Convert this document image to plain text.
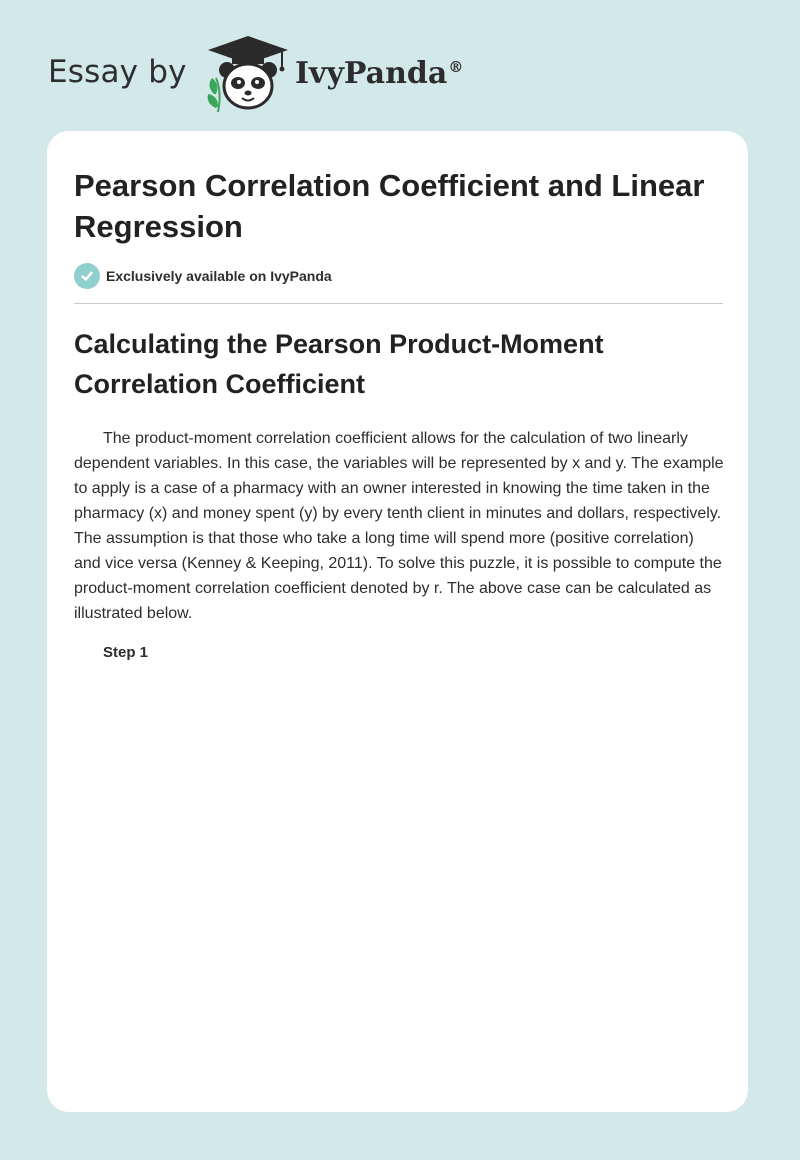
Essay by	IvyPanda®
Pearson Correlation Coefficient and Linear Regression
Exclusively available on IvyPanda
Calculating the Pearson Product-Moment Correlation Coefficient

The product-moment correlation coefficient allows for the calculation of two linearly dependent variables. In this case, the variables will be represented by x and y. The example to apply is a case of a pharmacy with an owner interested in knowing the time taken in the pharmacy (x) and money spent (y) by every tenth client in minutes and dollars, respectively. The assumption is that those who take a long time will spend more (positive correlation) and vice versa (Kenney & Keeping, 2011). To solve this puzzle, it is possible to compute the product-moment correlation coefficient denoted by r. The above case can be calculated as illustrated below.

Step 1
